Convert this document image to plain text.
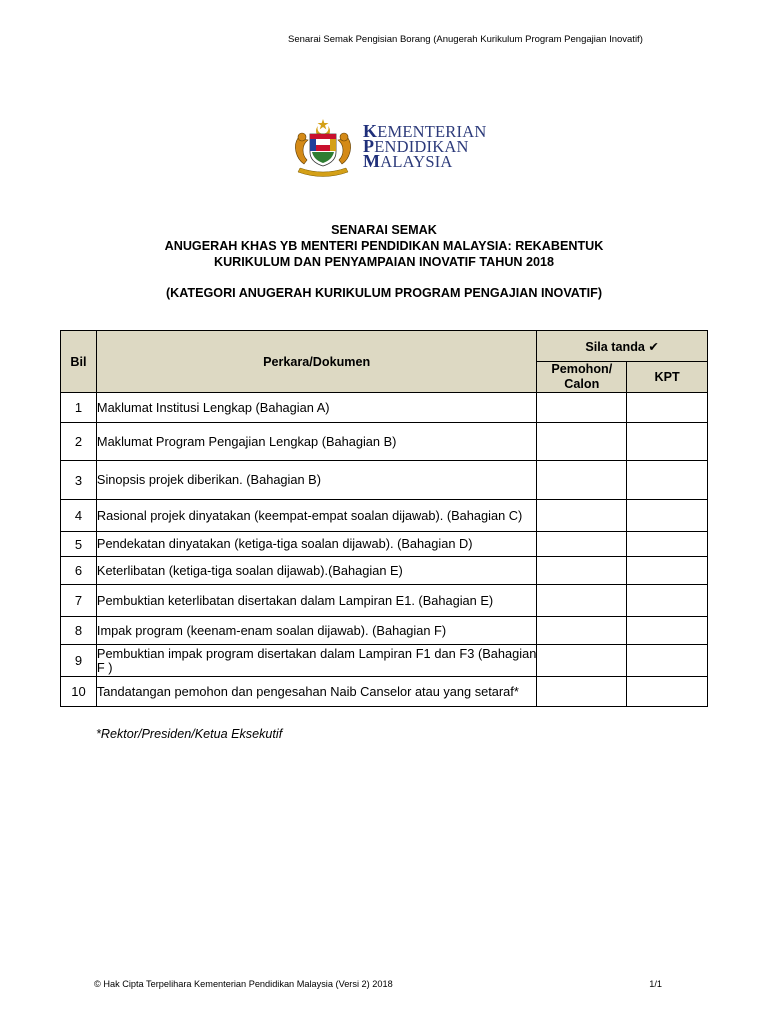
Senarai Semak Pengisian Borang (Anugerah Kurikulum Program Pengajian Inovatif)
KEMENTERIAN
PENDIDIKAN
MALAYSIA
SENARAI SEMAK
ANUGERAH KHAS YB MENTERI PENDIDIKAN MALAYSIA: REKABENTUK
KURIKULUM DAN PENYAMPAIAN INOVATIF TAHUN 2018
(KATEGORI ANUGERAH KURIKULUM PROGRAM PENGAJIAN INOVATIF)
Bil	Perkara/Dokumen	Sila tanda ✔	
		Pemohon/ Calon	KPT
1	Maklumat Institusi Lengkap (Bahagian A)		
2	Maklumat Program Pengajian Lengkap (Bahagian B)		
3	Sinopsis projek diberikan. (Bahagian B)		
4	Rasional projek dinyatakan (keempat-empat soalan dijawab). (Bahagian C)		
5	Pendekatan dinyatakan (ketiga-tiga soalan dijawab). (Bahagian D)		
6	Keterlibatan (ketiga-tiga soalan dijawab).(Bahagian E)		
7	Pembuktian keterlibatan disertakan dalam Lampiran E1. (Bahagian E)		
8	Impak program (keenam-enam soalan dijawab). (Bahagian F)		
9	Pembuktian impak program disertakan dalam Lampiran F1 dan F3 (Bahagian F )		
10	Tandatangan pemohon dan pengesahan Naib Canselor atau yang setaraf*		
*Rektor/Presiden/Ketua Eksekutif
© Hak Cipta Terpelihara Kementerian Pendidikan Malaysia (Versi 2) 2018	1/1
